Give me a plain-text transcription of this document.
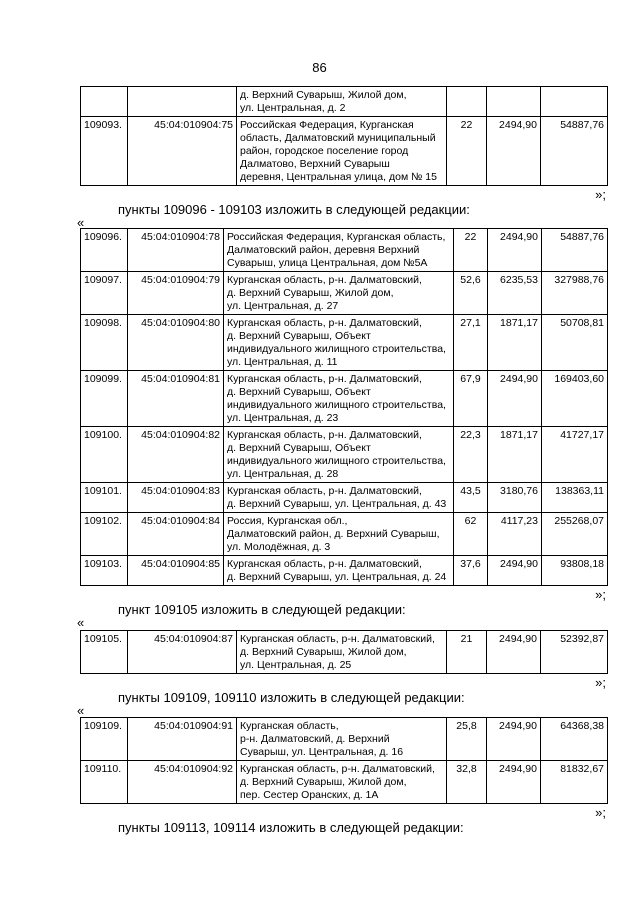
86
		д. Верхний Суварыш, Жилой дом,
ул. Центральная, д. 2			
109093.	45:04:010904:75	Российская Федерация, Курганская
область, Далматовский муниципальный
район, городское поселение город
Далматово, Верхний Суварыш
деревня, Центральная улица, дом № 15	22	2494,90	54887,76
»;
пункты 109096 - 109103 изложить в следующей редакции:
«
109096.	45:04:010904:78	Российская Федерация, Курганская область,
Далматовский район, деревня Верхний
Суварыш, улица Центральная, дом №5А	22	2494,90	54887,76
109097.	45:04:010904:79	Курганская область, р-н. Далматовский,
д. Верхний Суварыш, Жилой дом,
ул. Центральная, д. 27	52,6	6235,53	327988,76
109098.	45:04:010904:80	Курганская область, р-н. Далматовский,
д. Верхний Суварыш, Объект
индивидуального жилищного строительства,
ул. Центральная, д. 11	27,1	1871,17	50708,81
109099.	45:04:010904:81	Курганская область, р-н. Далматовский,
д. Верхний Суварыш, Объект
индивидуального жилищного строительства,
ул. Центральная, д. 23	67,9	2494,90	169403,60
109100.	45:04:010904:82	Курганская область, р-н. Далматовский,
д. Верхний Суварыш, Объект
индивидуального жилищного строительства,
ул. Центральная, д. 28	22,3	1871,17	41727,17
109101.	45:04:010904:83	Курганская область, р-н. Далматовский,
д. Верхний Суварыш, ул. Центральная, д. 43	43,5	3180,76	138363,11
109102.	45:04:010904:84	Россия, Курганская обл.,
Далматовский район, д. Верхний Суварыш,
ул. Молодёжная, д. 3	62	4117,23	255268,07
109103.	45:04:010904:85	Курганская область, р-н. Далматовский,
д. Верхний Суварыш, ул. Центральная, д. 24	37,6	2494,90	93808,18
»;
пункт 109105 изложить в следующей редакции:
«
109105.	45:04:010904:87	Курганская область, р-н. Далматовский,
д. Верхний Суварыш, Жилой дом,
ул. Центральная, д. 25	21	2494,90	52392,87
»;
пункты 109109, 109110 изложить в следующей редакции:
«
109109.	45:04:010904:91	Курганская область,
р-н. Далматовский, д. Верхний
Суварыш, ул. Центральная, д. 16	25,8	2494,90	64368,38
109110.	45:04:010904:92	Курганская область, р-н. Далматовский,
д. Верхний Суварыш, Жилой дом,
пер. Сестер Оранских, д. 1А	32,8	2494,90	81832,67
»;
пункты 109113, 109114 изложить в следующей редакции:
